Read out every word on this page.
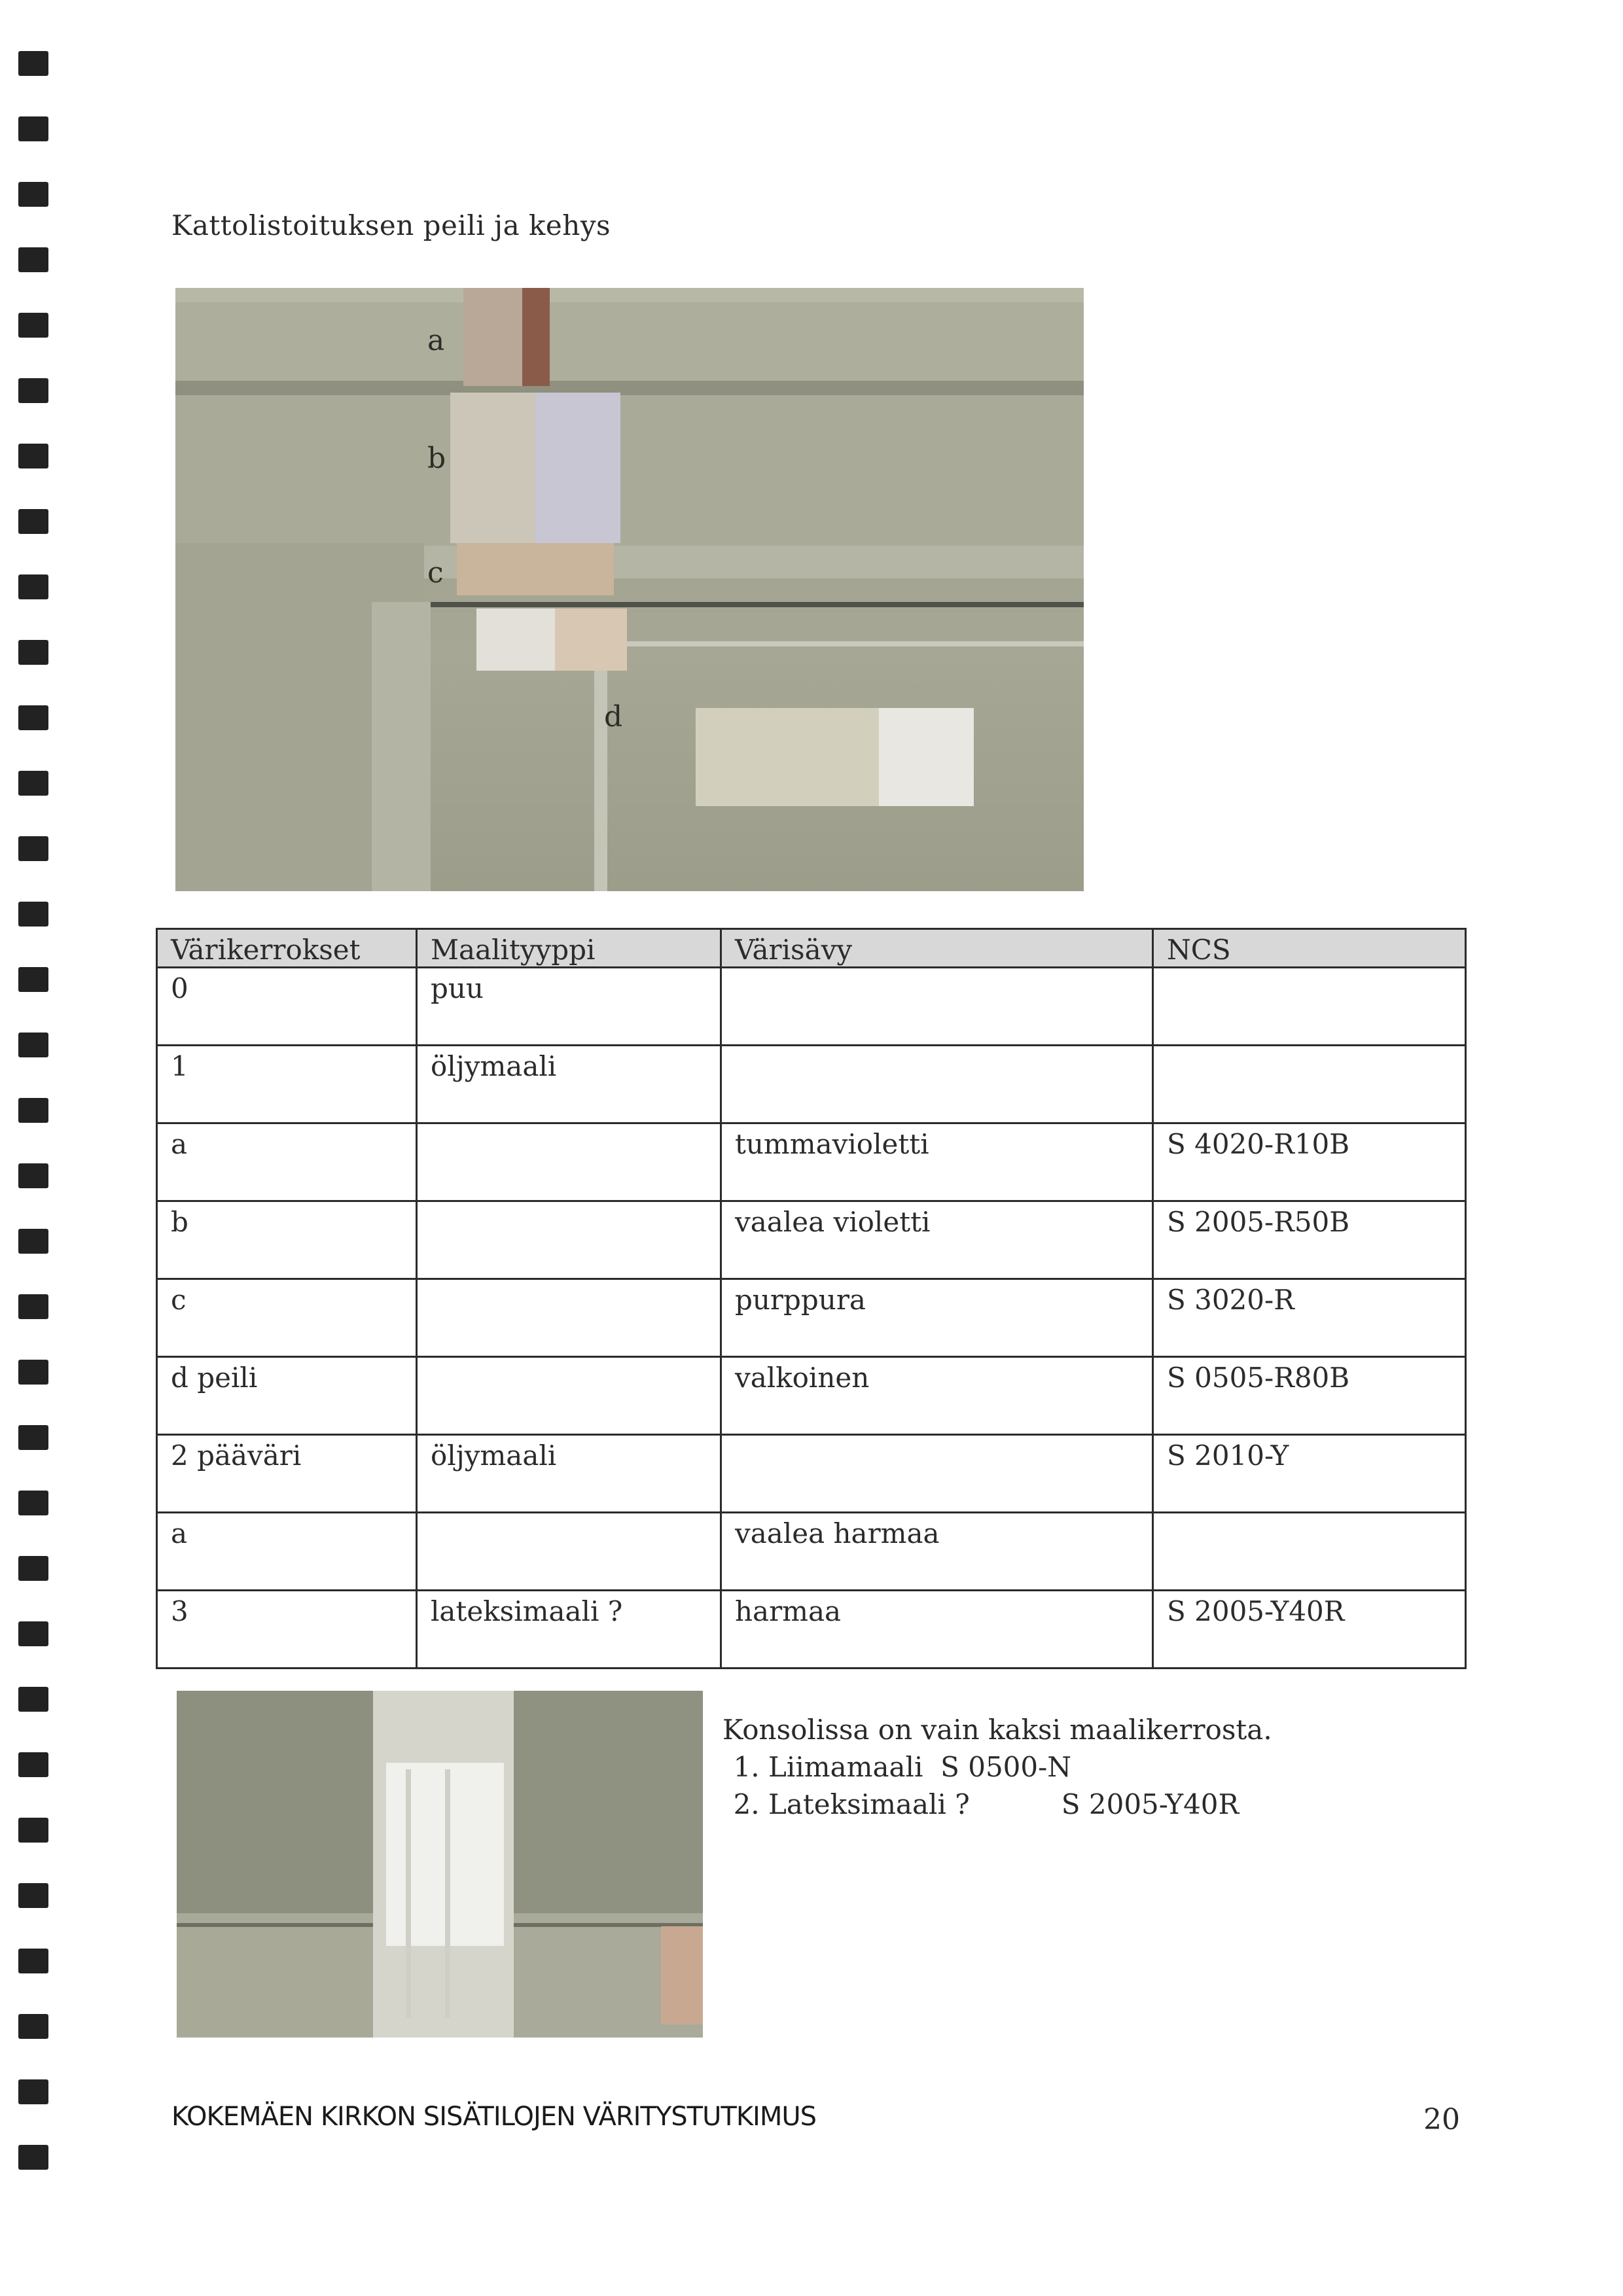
Kattolistoituksen peili ja kehys
a
b
c
d
Värikerrokset	Maalityyppi	Värisävy	NCS
0	puu		
1	öljymaali		
a		tummavioletti	S 4020-R10B
b		vaalea violetti	S 2005-R50B
c		purppura	S 3020-R
d peili		valkoinen	S 0505-R80B
2 pääväri	öljymaali		S 2010-Y
a		vaalea harmaa	
3	lateksimaali ?	harmaa	S 2005-Y40R
Konsolissa on vain kaksi maalikerrosta.
1. Liimamaali S 0500-N
2. Lateksimaali ?	S 2005-Y40R
KOKEMÄEN KIRKON SISÄTILOJEN VÄRITYSTUTKIMUS	20
